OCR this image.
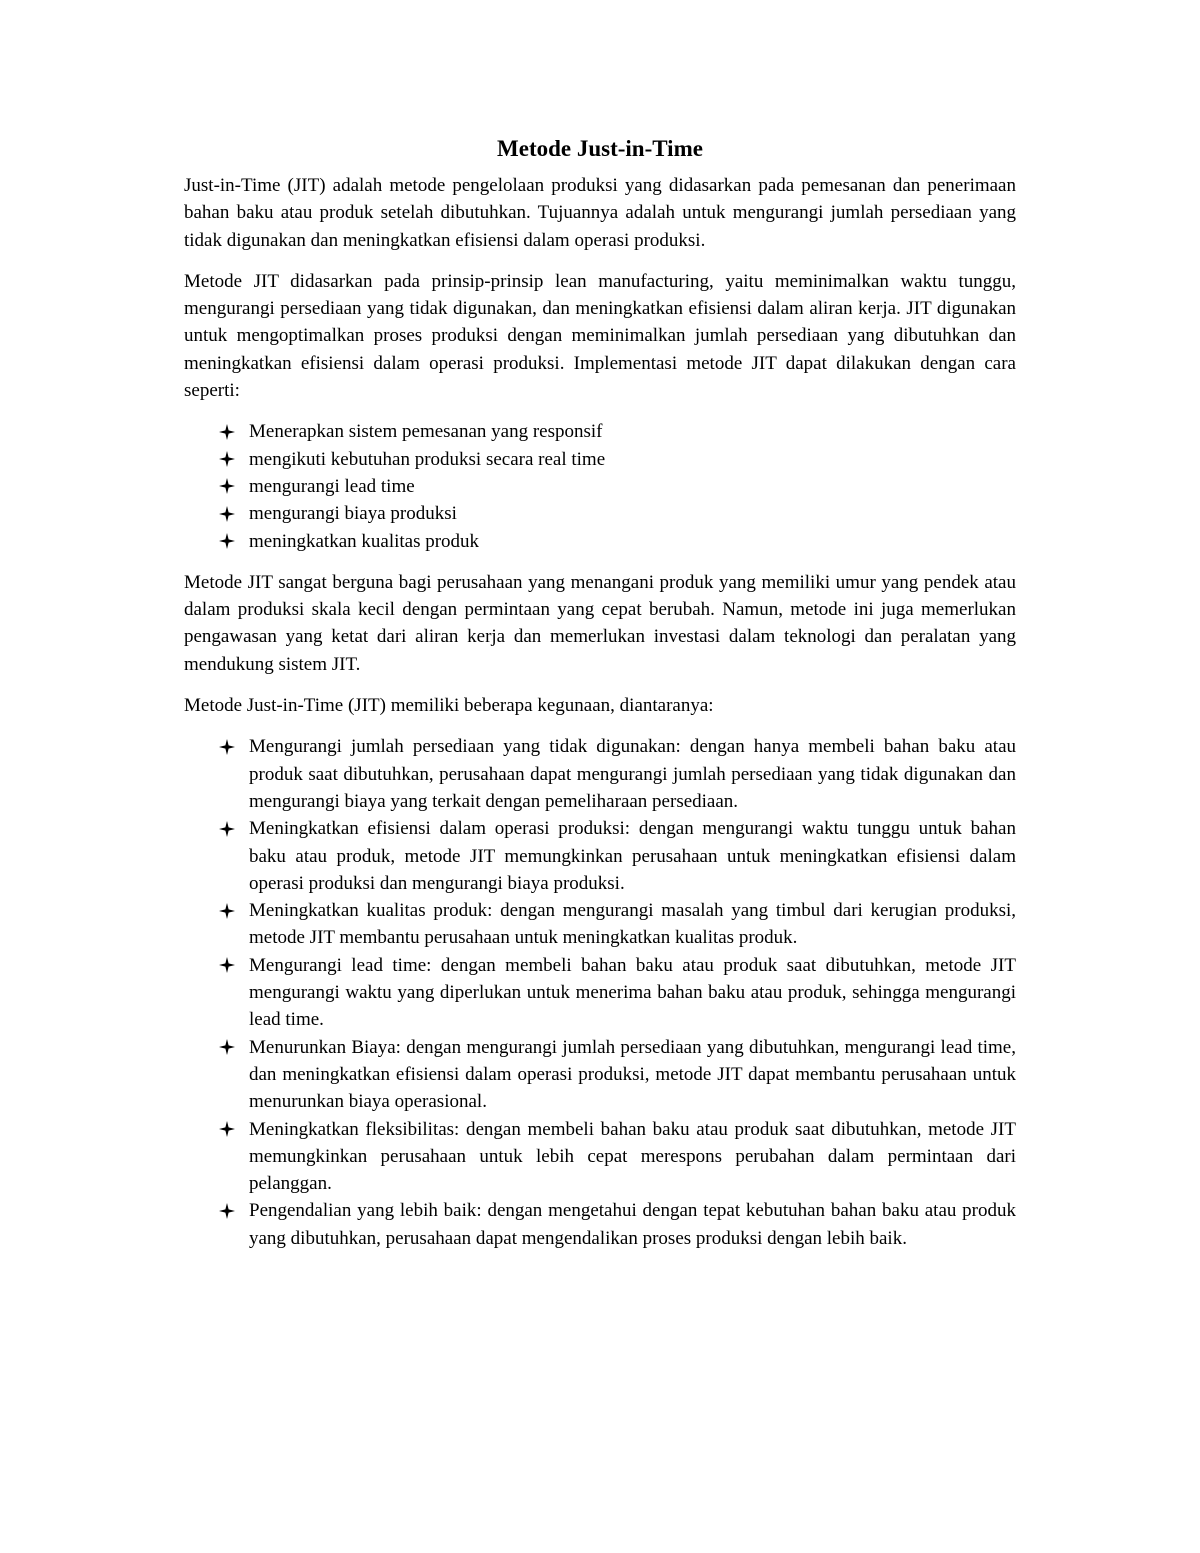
Metode Just-in-Time

Just-in-Time (JIT) adalah metode pengelolaan produksi yang didasarkan pada pemesanan dan penerimaan bahan baku atau produk setelah dibutuhkan. Tujuannya adalah untuk mengurangi jumlah persediaan yang tidak digunakan dan meningkatkan efisiensi dalam operasi produksi.

Metode JIT didasarkan pada prinsip-prinsip lean manufacturing, yaitu meminimalkan waktu tunggu, mengurangi persediaan yang tidak digunakan, dan meningkatkan efisiensi dalam aliran kerja. JIT digunakan untuk mengoptimalkan proses produksi dengan meminimalkan jumlah persediaan yang dibutuhkan dan meningkatkan efisiensi dalam operasi produksi. Implementasi metode JIT dapat dilakukan dengan cara seperti:

Menerapkan sistem pemesanan yang responsif
mengikuti kebutuhan produksi secara real time
mengurangi lead time
mengurangi biaya produksi
meningkatkan kualitas produk

Metode JIT sangat berguna bagi perusahaan yang menangani produk yang memiliki umur yang pendek atau dalam produksi skala kecil dengan permintaan yang cepat berubah. Namun, metode ini juga memerlukan pengawasan yang ketat dari aliran kerja dan memerlukan investasi dalam teknologi dan peralatan yang mendukung sistem JIT.

Metode Just-in-Time (JIT) memiliki beberapa kegunaan, diantaranya:

Mengurangi jumlah persediaan yang tidak digunakan: dengan hanya membeli bahan baku atau produk saat dibutuhkan, perusahaan dapat mengurangi jumlah persediaan yang tidak digunakan dan mengurangi biaya yang terkait dengan pemeliharaan persediaan.
Meningkatkan efisiensi dalam operasi produksi: dengan mengurangi waktu tunggu untuk bahan baku atau produk, metode JIT memungkinkan perusahaan untuk meningkatkan efisiensi dalam operasi produksi dan mengurangi biaya produksi.
Meningkatkan kualitas produk: dengan mengurangi masalah yang timbul dari kerugian produksi, metode JIT membantu perusahaan untuk meningkatkan kualitas produk.
Mengurangi lead time: dengan membeli bahan baku atau produk saat dibutuhkan, metode JIT mengurangi waktu yang diperlukan untuk menerima bahan baku atau produk, sehingga mengurangi lead time.
Menurunkan Biaya: dengan mengurangi jumlah persediaan yang dibutuhkan, mengurangi lead time, dan meningkatkan efisiensi dalam operasi produksi, metode JIT dapat membantu perusahaan untuk menurunkan biaya operasional.
Meningkatkan fleksibilitas: dengan membeli bahan baku atau produk saat dibutuhkan, metode JIT memungkinkan perusahaan untuk lebih cepat merespons perubahan dalam permintaan dari pelanggan.
Pengendalian yang lebih baik: dengan mengetahui dengan tepat kebutuhan bahan baku atau produk yang dibutuhkan, perusahaan dapat mengendalikan proses produksi dengan lebih baik.
